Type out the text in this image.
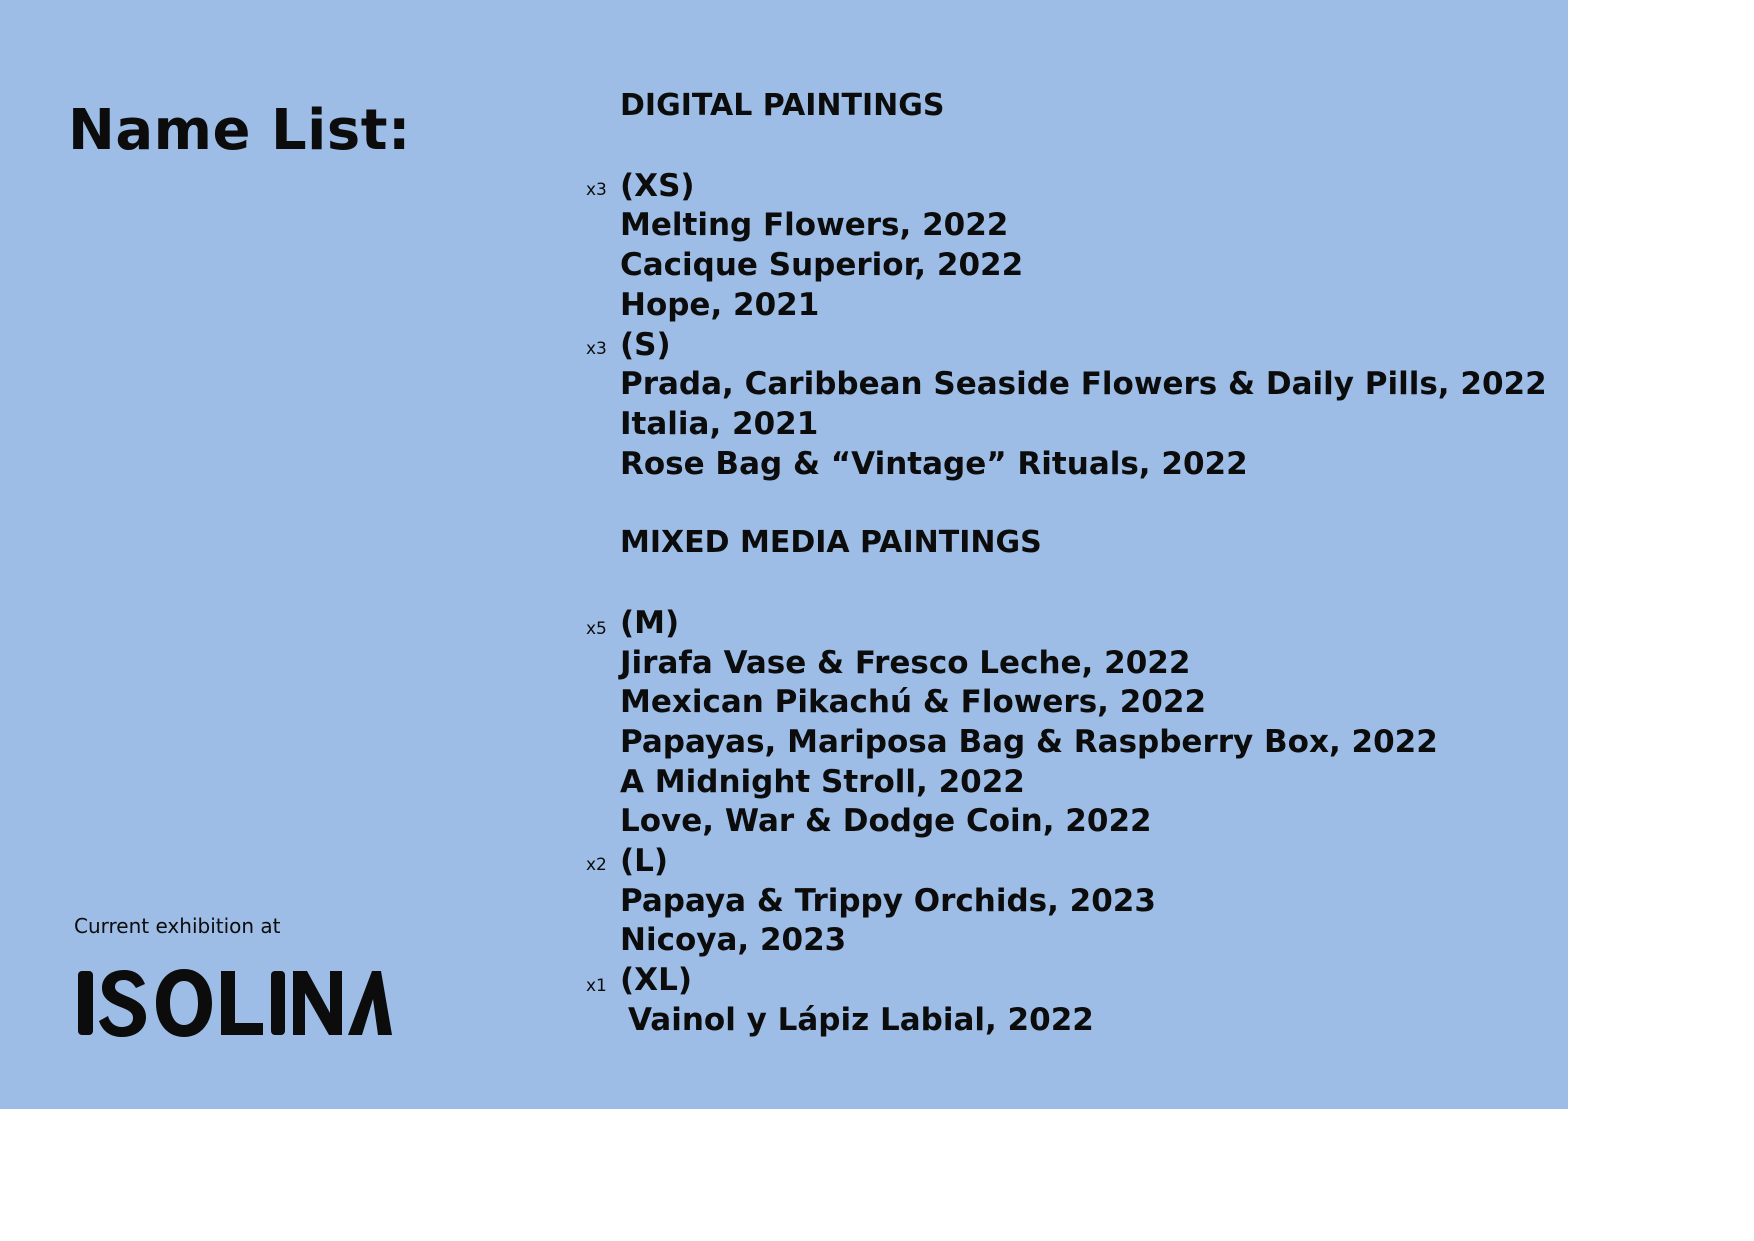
Name List:	DIGITAL PAINTINGS
x3 (XS)
Melting Flowers, 2022
Cacique Superior, 2022
Hope, 2021
x3 (S)
Prada, Caribbean Seaside Flowers & Daily Pills, 2022
Italia, 2021
Rose Bag & “Vintage” Rituals, 2022
MIXED MEDIA PAINTINGS
x5 (M)
Jirafa Vase & Fresco Leche, 2022
Mexican Pikachú & Flowers, 2022
Papayas, Mariposa Bag & Raspberry Box, 2022
A Midnight Stroll, 2022
Love, War & Dodge Coin, 2022
x2 (L)
Papaya & Trippy Orchids, 2023
Nicoya, 2023
x1 (XL)
Vainol y Lápiz Labial, 2022
Current exhibition at
